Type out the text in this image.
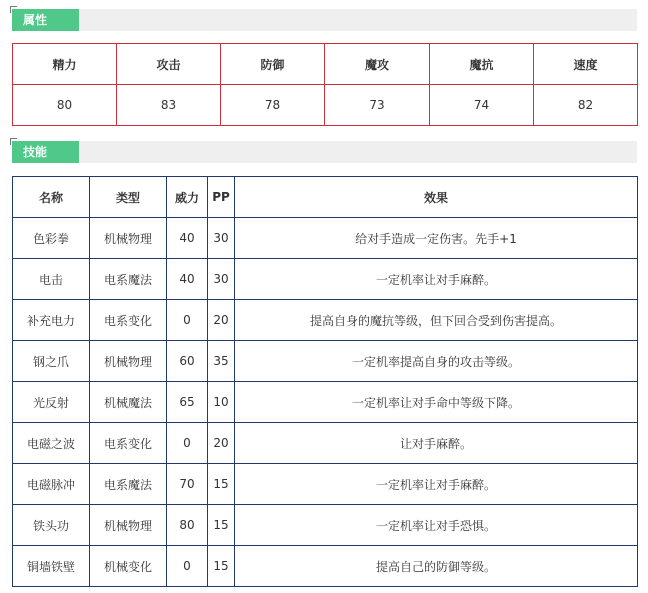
属性
精力	攻击	防御	魔攻	魔抗	速度
80	83	78	73	74	82
技能
名称	类型	威力	PP	效果
色彩拳	机械物理	40	30	给对手造成一定伤害。先手+1
电击	电系魔法	40	30	一定机率让对手麻醉。
补充电力	电系变化	0	20	提高自身的魔抗等级，但下回合受到伤害提高。
钢之爪	机械物理	60	35	一定机率提高自身的攻击等级。
光反射	机械魔法	65	10	一定机率让对手命中等级下降。
电磁之波	电系变化	0	20	让对手麻醉。
电磁脉冲	电系魔法	70	15	一定机率让对手麻醉。
铁头功	机械物理	80	15	一定机率让对手恐惧。
铜墙铁壁	机械变化	0	15	提高自己的防御等级。
